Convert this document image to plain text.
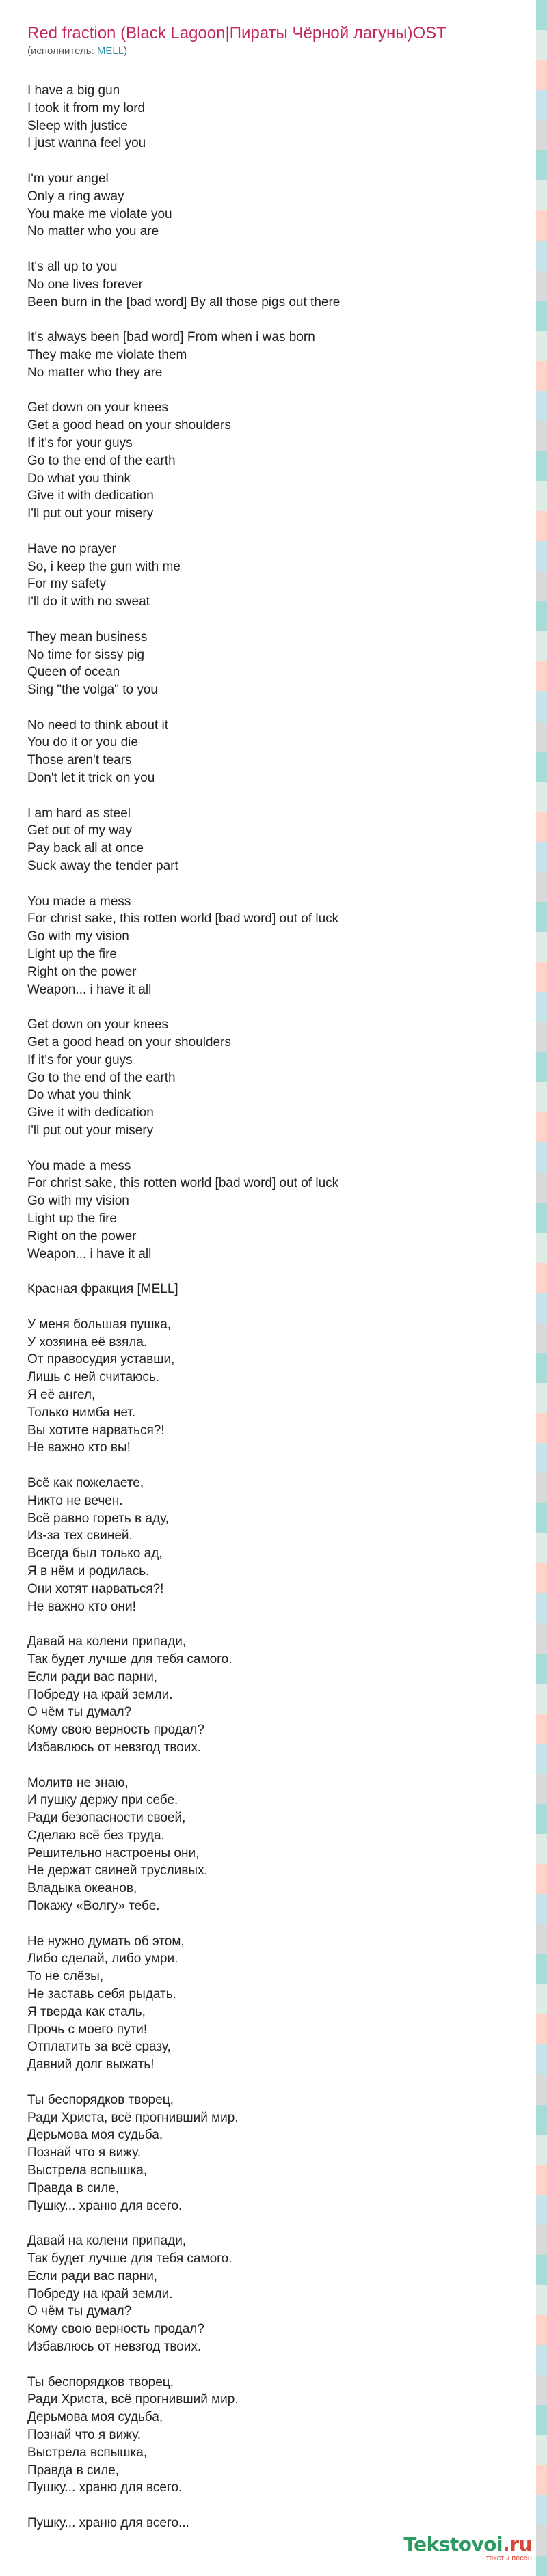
Red fraction (Black Lagoon|Пираты Чёрной лагуны)OST
(исполнитель: MELL)
I have a big gun
I took it from my lord
Sleep with justice
I just wanna feel you
I'm your angel
Only a ring away
You make me violate you
No matter who you are
It's all up to you
No one lives forever
Been burn in the [bad word] By all those pigs out there
It's always been [bad word] From when i was born
They make me violate them
No matter who they are
Get down on your knees
Get a good head on your shoulders
If it's for your guys
Go to the end of the earth
Do what you think
Give it with dedication
I'll put out your misery
Have no prayer
So, i keep the gun with me
For my safety
I'll do it with no sweat
They mean business
No time for sissy pig
Queen of ocean
Sing "the volga" to you
No need to think about it
You do it or you die
Those aren't tears
Don't let it trick on you
I am hard as steel
Get out of my way
Pay back all at once
Suck away the tender part
You made a mess
For christ sake, this rotten world [bad word] out of luck
Go with my vision
Light up the fire
Right on the power
Weapon... i have it all
Get down on your knees
Get a good head on your shoulders
If it's for your guys
Go to the end of the earth
Do what you think
Give it with dedication
I'll put out your misery
You made a mess
For christ sake, this rotten world [bad word] out of luck
Go with my vision
Light up the fire
Right on the power
Weapon... i have it all
Красная фракция [MELL]
У меня большая пушка,
У хозяина её взяла.
От правосудия уставши,
Лишь с ней считаюсь.
Я её ангел,
Только нимба нет.
Вы хотите нарваться?!
Не важно кто вы!
Всё как пожелаете,
Никто не вечен.
Всё равно гореть в аду,
Из-за тех свиней.
Всегда был только ад,
Я в нём и родилась.
Они хотят нарваться?!
Не важно кто они!
Давай на колени припади,
Так будет лучше для тебя самого.
Если ради вас парни,
Побреду на край земли.
О чём ты думал?
Кому свою верность продал?
Избавлюсь от невзгод твоих.
Молитв не знаю,
И пушку держу при себе.
Ради безопасности своей,
Сделаю всё без труда.
Решительно настроены они,
Не держат свиней трусливых.
Владыка океанов,
Покажу «Волгу» тебе.
Не нужно думать об этом,
Либо сделай, либо умри.
То не слёзы,
Не заставь себя рыдать.
Я тверда как сталь,
Прочь с моего пути!
Отплатить за всё сразу,
Давний долг выжать!
Ты беспорядков творец,
Ради Христа, всё прогнивший мир.
Дерьмова моя судьба,
Познай что я вижу.
Выстрела вспышка,
Правда в силе,
Пушку... храню для всего.
Давай на колени припади,
Так будет лучше для тебя самого.
Если ради вас парни,
Побреду на край земли.
О чём ты думал?
Кому свою верность продал?
Избавлюсь от невзгод твоих.
Ты беспорядков творец,
Ради Христа, всё прогнивший мир.
Дерьмова моя судьба,
Познай что я вижу.
Выстрела вспышка,
Правда в силе,
Пушку... храню для всего.
Пушку... храню для всего...
Tekstovoi.ru
тексты песен
